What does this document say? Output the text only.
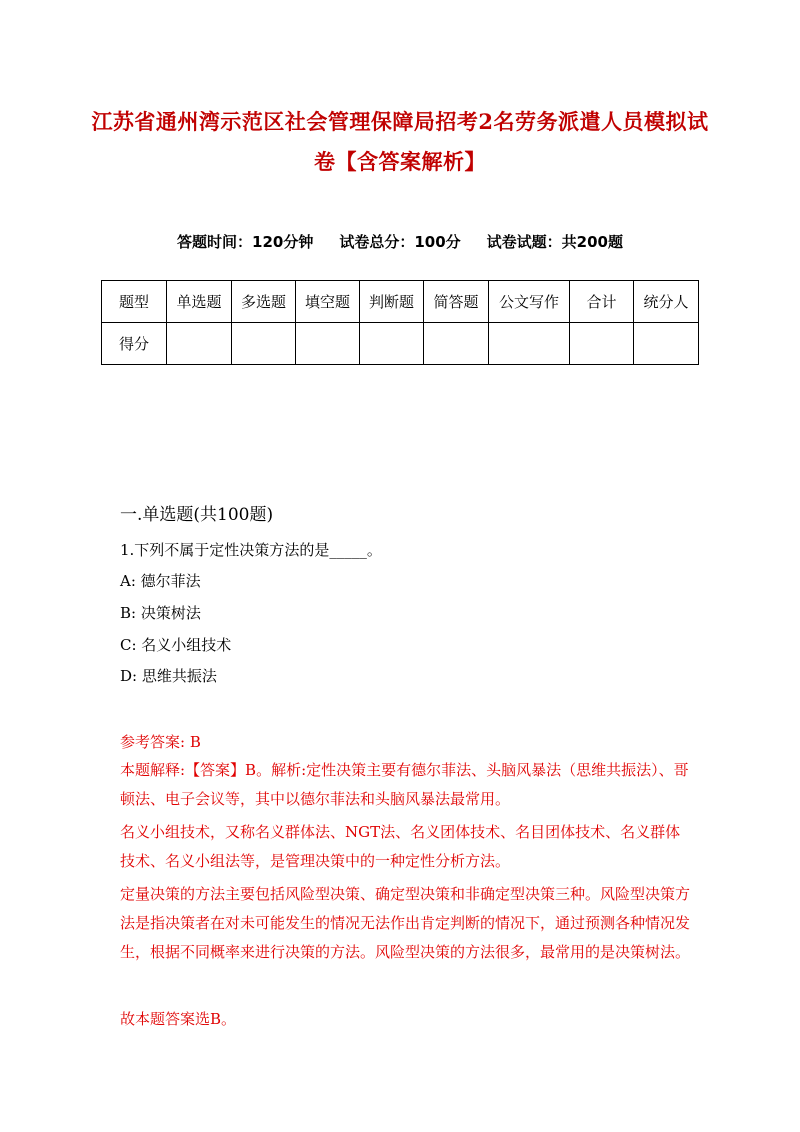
江苏省通州湾示范区社会管理保障局招考2名劳务派遣人员模拟试
卷【含答案解析】
答题时间：120分钟 试卷总分：100分 试卷试题：共200题
题型	单选题	多选题	填空题	判断题	简答题	公文写作	合计	统分人
得分								
一.单选题(共100题)
1.下列不属于定性决策方法的是_____。
A: 德尔菲法
B: 决策树法
C: 名义小组技术
D: 思维共振法
参考答案: B
本题解释:【答案】B。解析:定性决策主要有德尔菲法、头脑风暴法（思维共振法）、哥顿法、电子会议等，其中以德尔菲法和头脑风暴法最常用。
名义小组技术，又称名义群体法、NGT法、名义团体技术、名目团体技术、名义群体技术、名义小组法等，是管理决策中的一种定性分析方法。
定量决策的方法主要包括风险型决策、确定型决策和非确定型决策三种。风险型决策方法是指决策者在对未可能发生的情况无法作出肯定判断的情况下，通过预测各种情况发生，根据不同概率来进行决策的方法。风险型决策的方法很多，最常用的是决策树法。
故本题答案选B。
